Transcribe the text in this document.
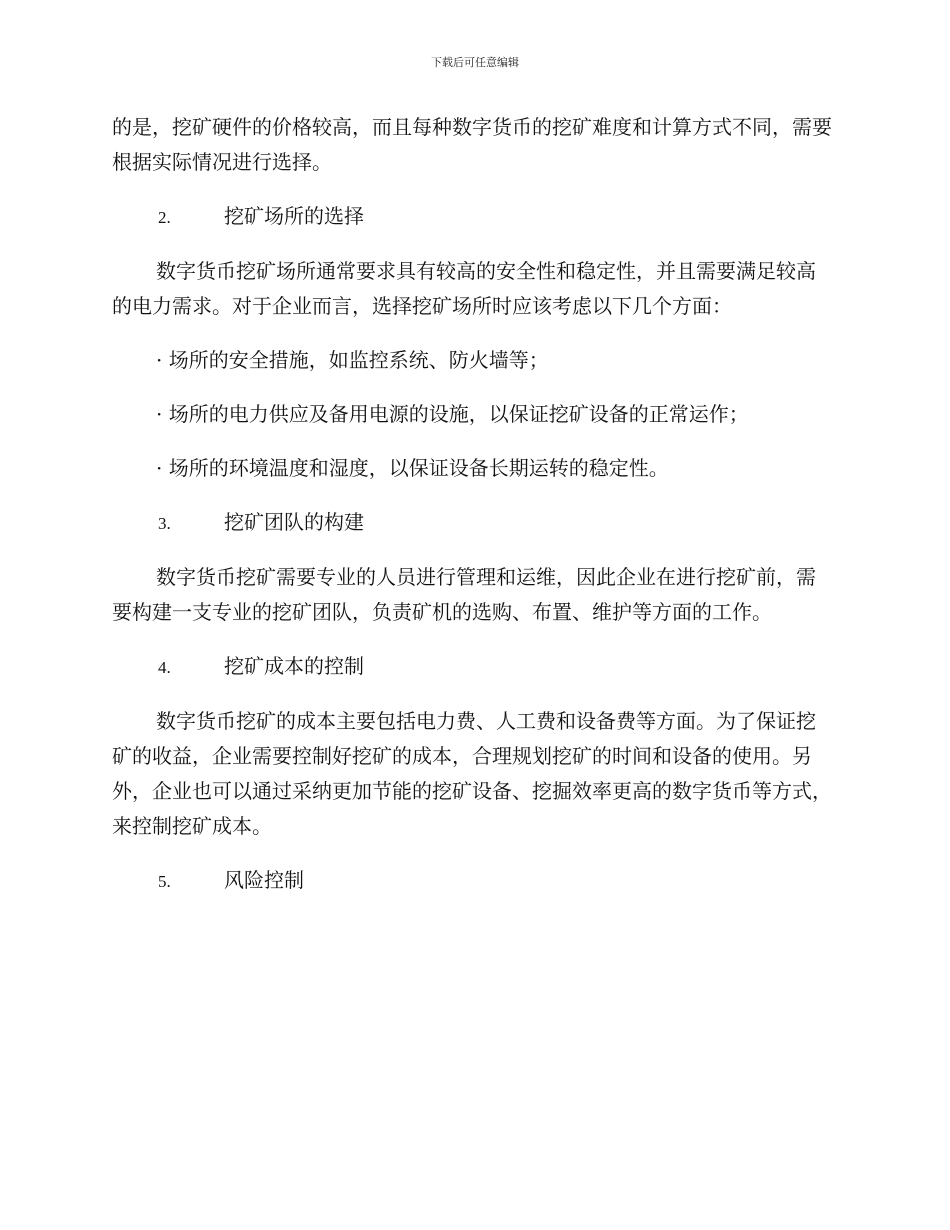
下载后可任意编辑

的是，挖矿硬件的价格较高，而且每种数字货币的挖矿难度和计算方式不同，需要根据实际情况进行选择。

2.	挖矿场所的选择

数字货币挖矿场所通常要求具有较高的安全性和稳定性，并且需要满足较高的电力需求。对于企业而言，选择挖矿场所时应该考虑以下几个方面：

· 场所的安全措施，如监控系统、防火墙等；

· 场所的电力供应及备用电源的设施，以保证挖矿设备的正常运作；

· 场所的环境温度和湿度，以保证设备长期运转的稳定性。

3.	挖矿团队的构建

数字货币挖矿需要专业的人员进行管理和运维，因此企业在进行挖矿前，需要构建一支专业的挖矿团队，负责矿机的选购、布置、维护等方面的工作。

4.	挖矿成本的控制

数字货币挖矿的成本主要包括电力费、人工费和设备费等方面。为了保证挖矿的收益，企业需要控制好挖矿的成本，合理规划挖矿的时间和设备的使用。另外，企业也可以通过采纳更加节能的挖矿设备、挖掘效率更高的数字货币等方式，来控制挖矿成本。

5.	风险控制
